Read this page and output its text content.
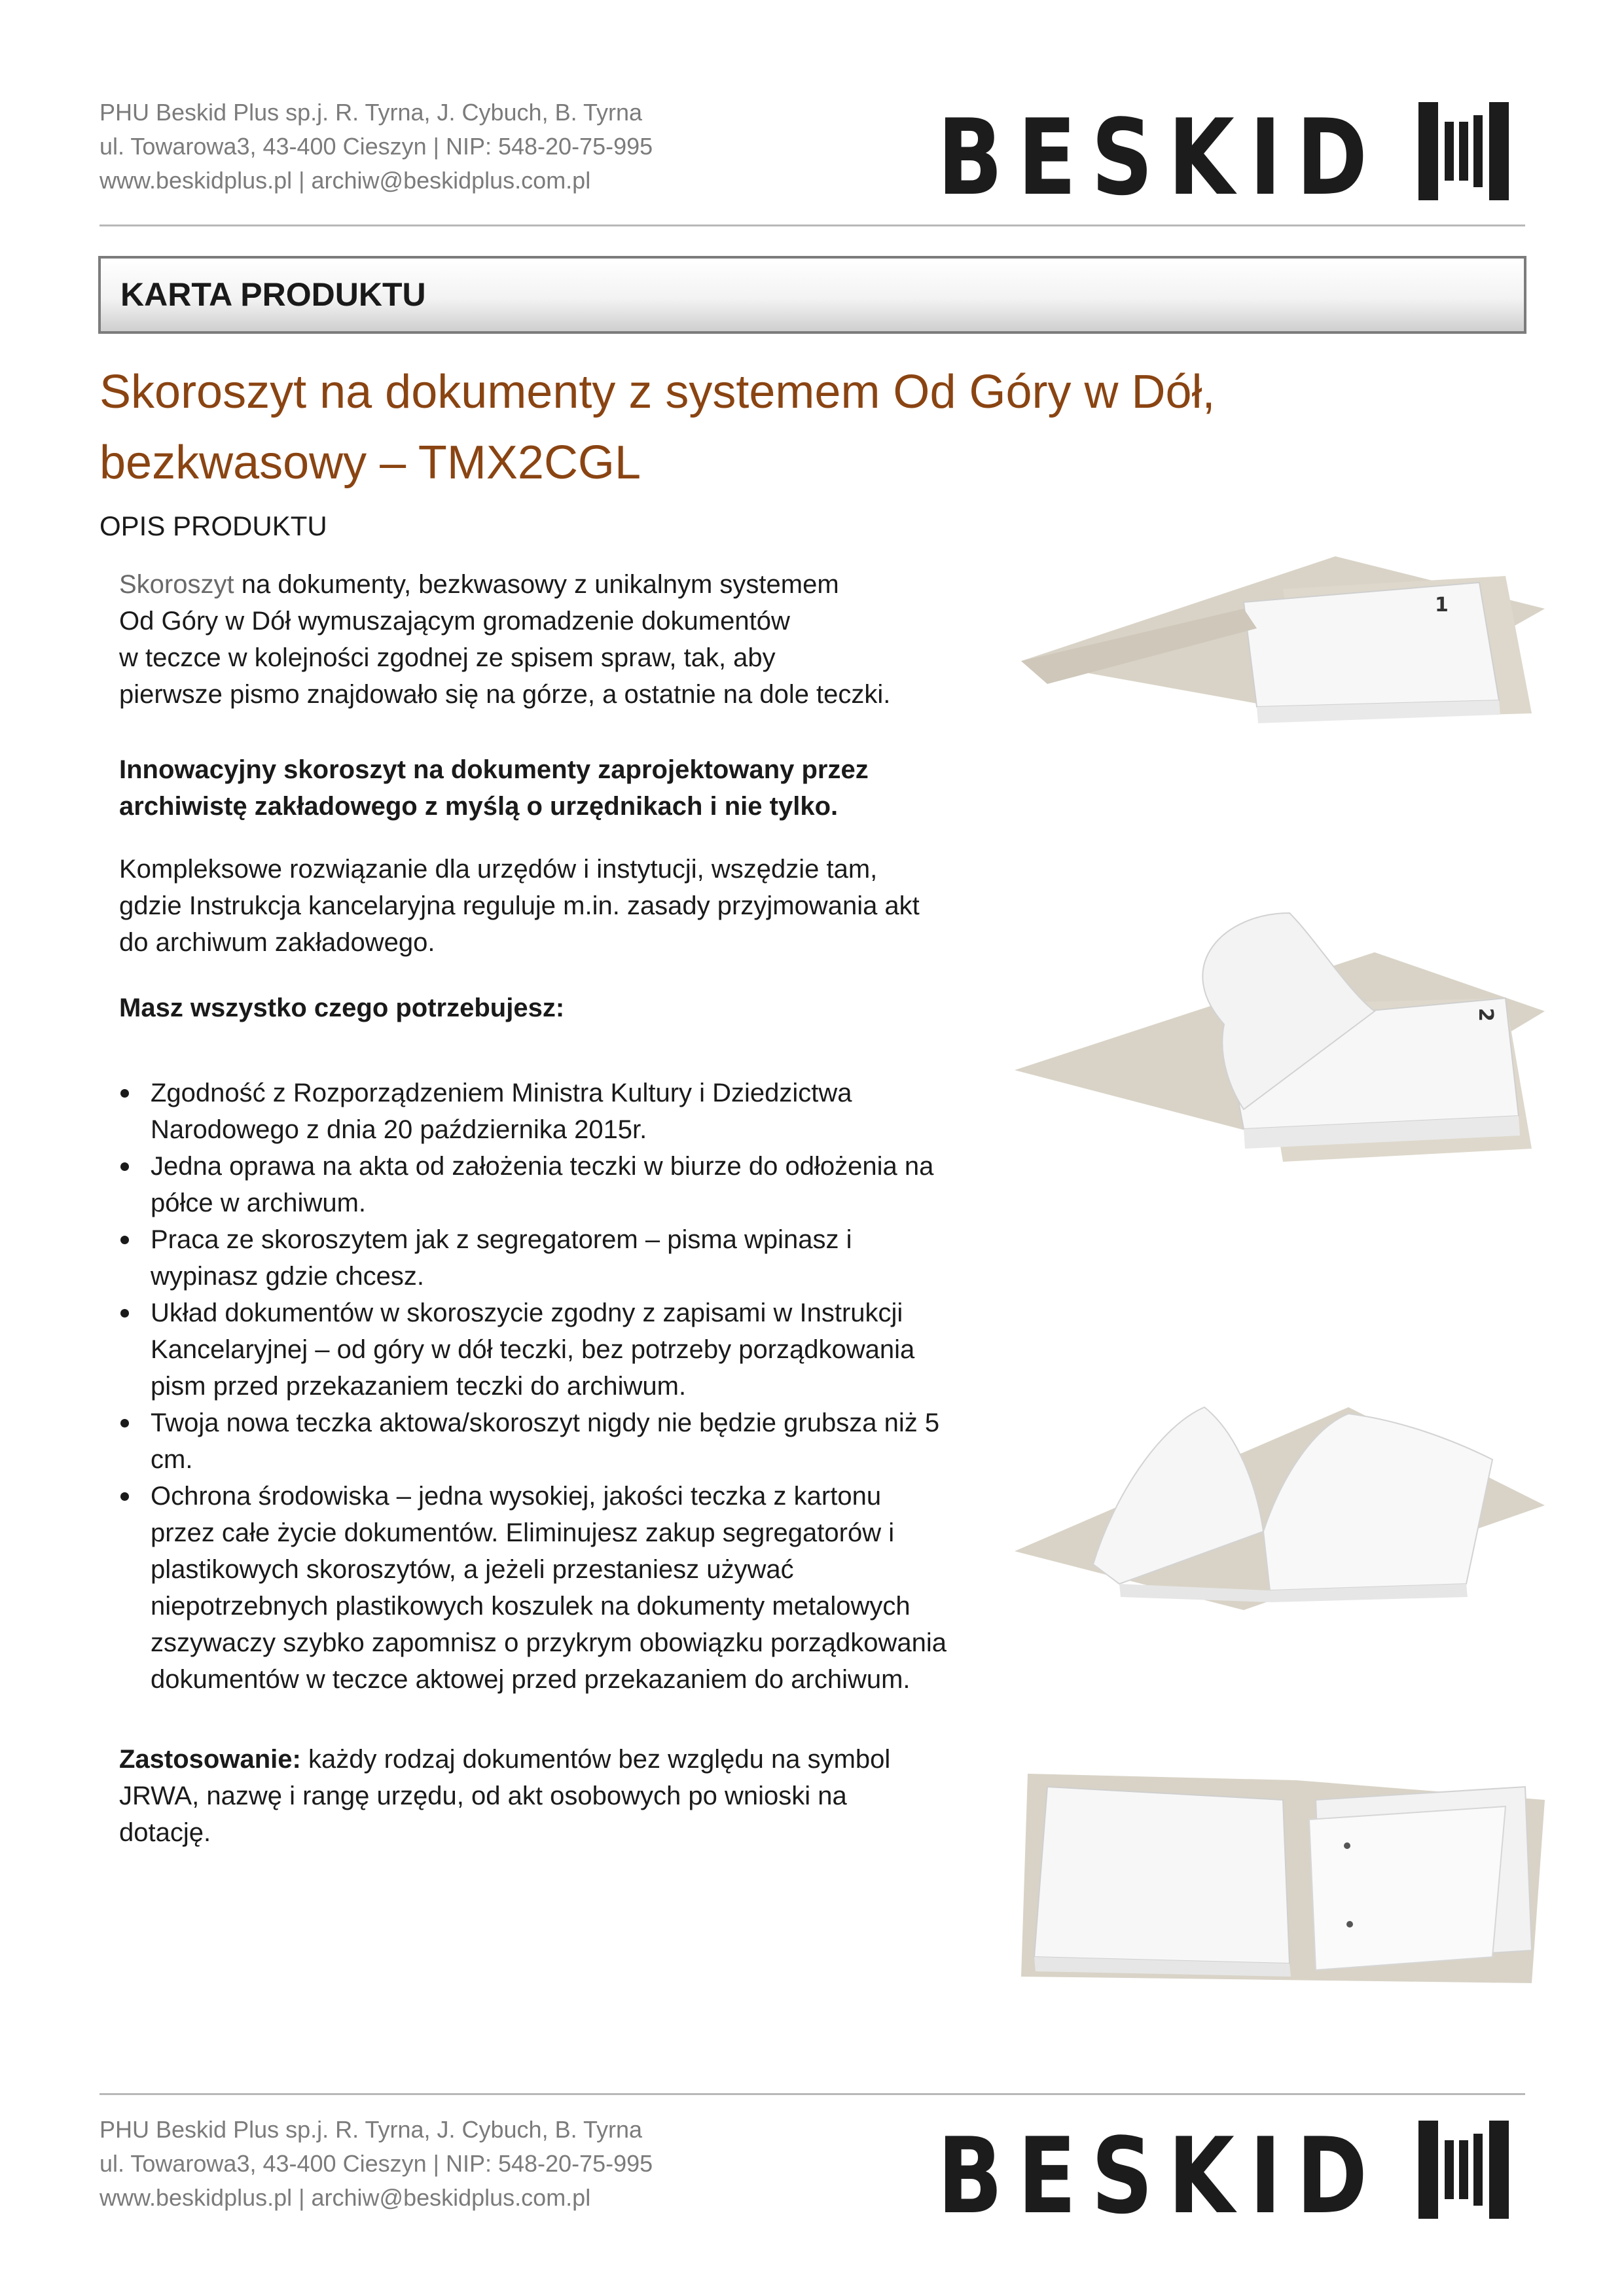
PHU Beskid Plus sp.j. R. Tyrna, J. Cybuch, B. Tyrna
ul. Towarowa3, 43-400 Cieszyn | NIP: 548-20-75-995
www.beskidplus.pl | archiw@beskidplus.com.pl	BESKID
KARTA PRODUKTU
Skoroszyt na dokumenty z systemem Od Góry w Dół,
bezkwasowy – TMX2CGL
OPIS PRODUKTU

Skoroszyt na dokumenty, bezkwasowy z unikalnym systemem

Od Góry w Dół wymuszającym gromadzenie dokumentów

w teczce w kolejności zgodnej ze spisem spraw, tak, aby

pierwsze pismo znajdowało się na górze, a ostatnie na dole teczki.

Innowacyjny skoroszyt na dokumenty zaprojektowany przez

archiwistę zakładowego z myślą o urzędnikach i nie tylko.

Kompleksowe rozwiązanie dla urzędów i instytucji, wszędzie tam,

gdzie Instrukcja kancelaryjna reguluje m.in. zasady przyjmowania akt

do archiwum zakładowego.

Masz wszystko czego potrzebujesz:
Zgodność z Rozporządzeniem Ministra Kultury i Dziedzictwa
Narodowego z dnia 20 października 2015r.
Jedna oprawa na akta od założenia teczki w biurze do odłożenia na
półce w archiwum.
Praca ze skoroszytem jak z segregatorem – pisma wpinasz i
wypinasz gdzie chcesz.
Układ dokumentów w skoroszycie zgodny z zapisami w Instrukcji
Kancelaryjnej – od góry w dół teczki, bez potrzeby porządkowania
pism przed przekazaniem teczki do archiwum.
Twoja nowa teczka aktowa/skoroszyt nigdy nie będzie grubsza niż 5
cm.
Ochrona środowiska – jedna wysokiej, jakości teczka z kartonu
przez całe życie dokumentów. Eliminujesz zakup segregatorów i
plastikowych skoroszytów, a jeżeli przestaniesz używać
niepotrzebnych plastikowych koszulek na dokumenty metalowych
zszywaczy szybko zapomnisz o przykrym obowiązku porządkowania
dokumentów w teczce aktowej przed przekazaniem do archiwum.

Zastosowanie: każdy rodzaj dokumentów bez względu na symbol

JRWA, nazwę i rangę urzędu, od akt osobowych po wnioski na

dotację.

1
2
PHU Beskid Plus sp.j. R. Tyrna, J. Cybuch, B. Tyrna
ul. Towarowa3, 43-400 Cieszyn | NIP: 548-20-75-995
www.beskidplus.pl | archiw@beskidplus.com.pl	BESKID
